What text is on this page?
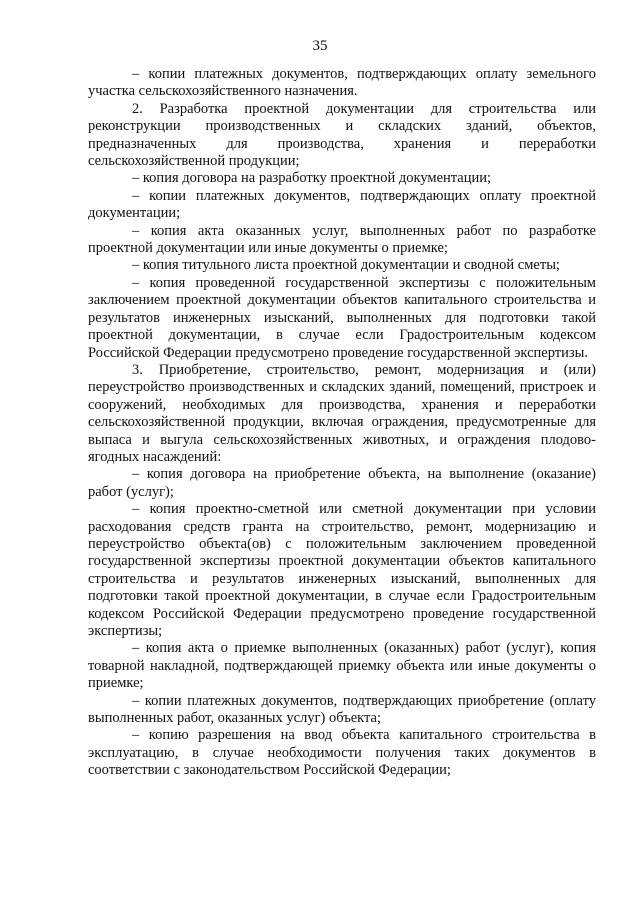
35

– копии платежных документов, подтверждающих оплату земельного участка сельскохозяйственного назначения.

2. Разработка проектной документации для строительства или реконструкции производственных и складских зданий, объектов, предназначенных для производства, хранения и переработки сельскохозяйственной продукции;

– копия договора на разработку проектной документации;

– копии платежных документов, подтверждающих оплату проектной документации;

– копия акта оказанных услуг, выполненных работ по разработке проектной документации или иные документы о приемке;

– копия титульного листа проектной документации и сводной сметы;

– копия проведенной государственной экспертизы с положительным заключением проектной документации объектов капитального строительства и результатов инженерных изысканий, выполненных для подготовки такой проектной документации, в случае если Градостроительным кодексом Российской Федерации предусмотрено проведение государственной экспертизы.

3. Приобретение, строительство, ремонт, модернизация и (или) переустройство производственных и складских зданий, помещений, пристроек и сооружений, необходимых для производства, хранения и переработки сельскохозяйственной продукции, включая ограждения, предусмотренные для выпаса и выгула сельскохозяйственных животных, и ограждения плодово-ягодных насаждений:

– копия договора на приобретение объекта, на выполнение (оказание) работ (услуг);

– копия проектно-сметной или сметной документации при условии расходования средств гранта на строительство, ремонт, модернизацию и переустройство объекта(ов) с положительным заключением проведенной государственной экспертизы проектной документации объектов капитального строительства и результатов инженерных изысканий, выполненных для подготовки такой проектной документации, в случае если Градостроительным кодексом Российской Федерации предусмотрено проведение государственной экспертизы;

– копия акта о приемке выполненных (оказанных) работ (услуг), копия товарной накладной, подтверждающей приемку объекта или иные документы о приемке;

– копии платежных документов, подтверждающих приобретение (оплату выполненных работ, оказанных услуг) объекта;

– копию разрешения на ввод объекта капитального строительства в эксплуатацию, в случае необходимости получения таких документов в соответствии с законодательством Российской Федерации;
